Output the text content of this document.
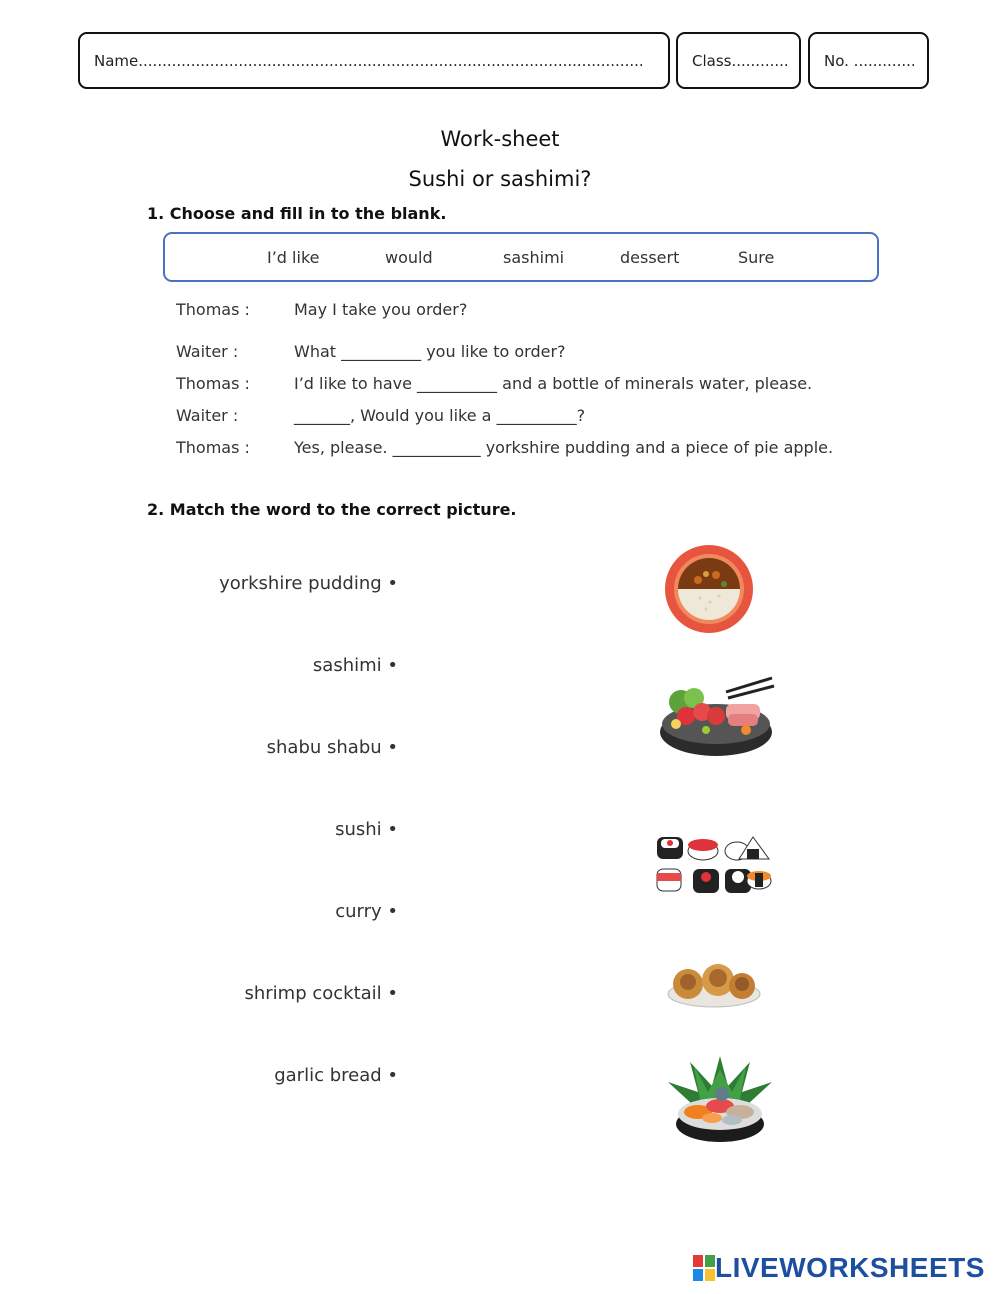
Name..........................................................................................................	Class............ No. .............
Work-sheet
Sushi or sashimi?
1. Choose and fill in to the blank.
I’d like	would	sashimi	dessert	Sure
Thomas :	May I take you order?
Waiter :	What __________ you like to order?
Thomas :	I’d like to have __________ and a bottle of minerals water, please.
Waiter :	_______, Would you like a __________?
Thomas :	Yes, please. ___________ yorkshire pudding and a piece of pie apple.
2. Match the word to the correct picture.
yorkshire pudding •
sashimi •
shabu shabu •
sushi •
curry •
shrimp cocktail •
garlic bread •
LIVEWORKSHEETS
